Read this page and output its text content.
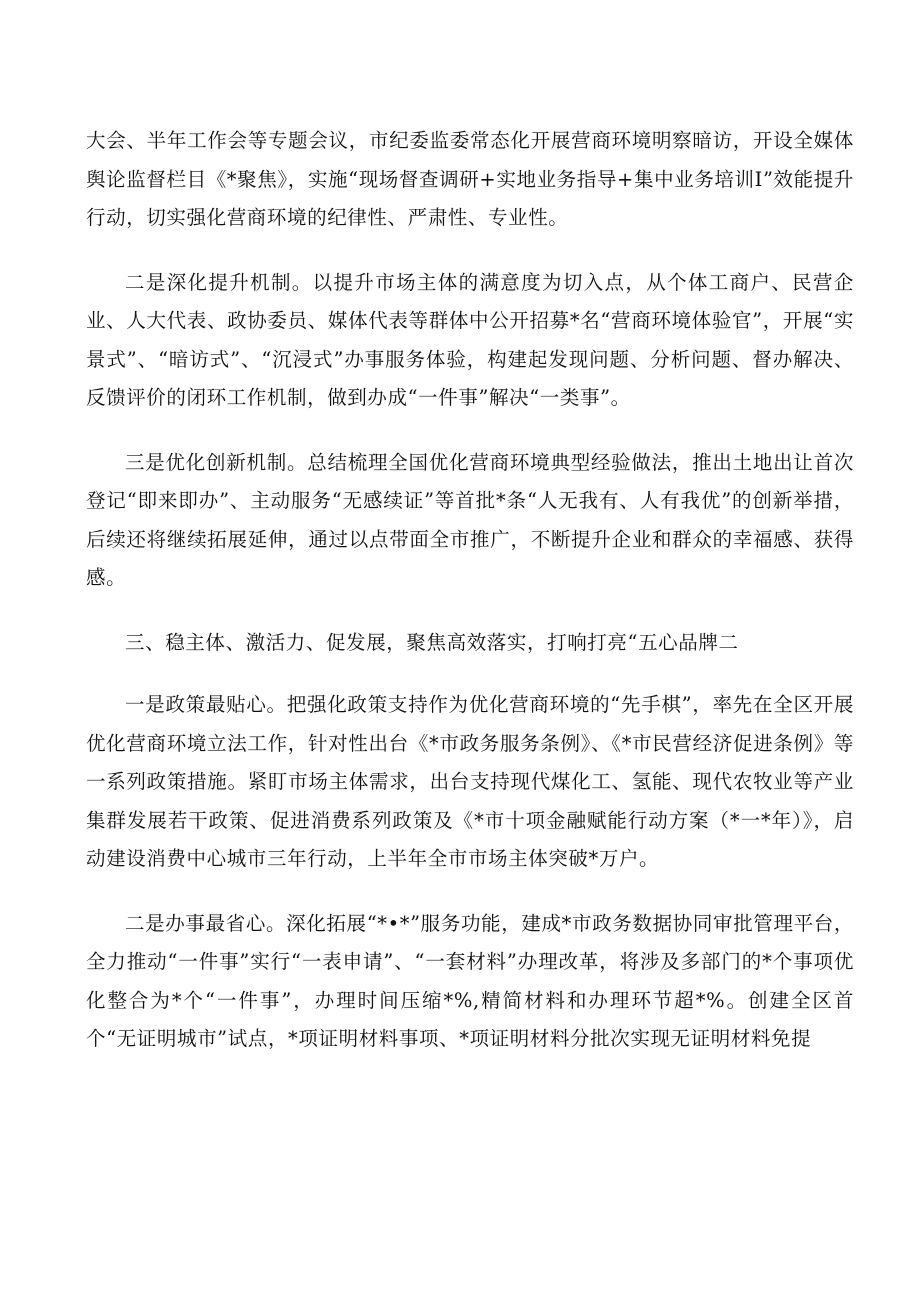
大会、半年工作会等专题会议，市纪委监委常态化开展营商环境明察暗访，开设全媒体舆论监督栏目《*聚焦》，实施“现场督查调研+实地业务指导+集中业务培训I”效能提升行动，切实强化营商环境的纪律性、严肃性、专业性。

二是深化提升机制。以提升市场主体的满意度为切入点，从个体工商户、民营企业、人大代表、政协委员、媒体代表等群体中公开招募*名“营商环境体验官”，开展“实景式”、“暗访式”、“沉浸式”办事服务体验，构建起发现问题、分析问题、督办解决、反馈评价的闭环工作机制，做到办成“一件事”解决“一类事”。

三是优化创新机制。总结梳理全国优化营商环境典型经验做法，推出土地出让首次登记“即来即办”、主动服务“无感续证”等首批*条“人无我有、人有我优”的创新举措，后续还将继续拓展延伸，通过以点带面全市推广，不断提升企业和群众的幸福感、获得感。

三、稳主体、激活力、促发展，聚焦高效落实，打响打亮“五心品牌二

一是政策最贴心。把强化政策支持作为优化营商环境的“先手棋”，率先在全区开展优化营商环境立法工作，针对性出台《*市政务服务条例》、《*市民营经济促进条例》等一系列政策措施。紧盯市场主体需求，出台支持现代煤化工、氢能、现代农牧业等产业集群发展若干政策、促进消费系列政策及《*市十项金融赋能行动方案（*一*年）》，启动建设消费中心城市三年行动，上半年全市市场主体突破*万户。

二是办事最省心。深化拓展“*•*”服务功能，建成*市政务数据协同审批管理平台，全力推动“一件事”实行“一表申请”、“一套材料”办理改革，将涉及多部门的*个事项优化整合为*个“一件事”，办理时间压缩*%,精简材料和办理环节超*%。创建全区首个“无证明城市”试点，*项证明材料事项、*项证明材料分批次实现无证明材料免提
